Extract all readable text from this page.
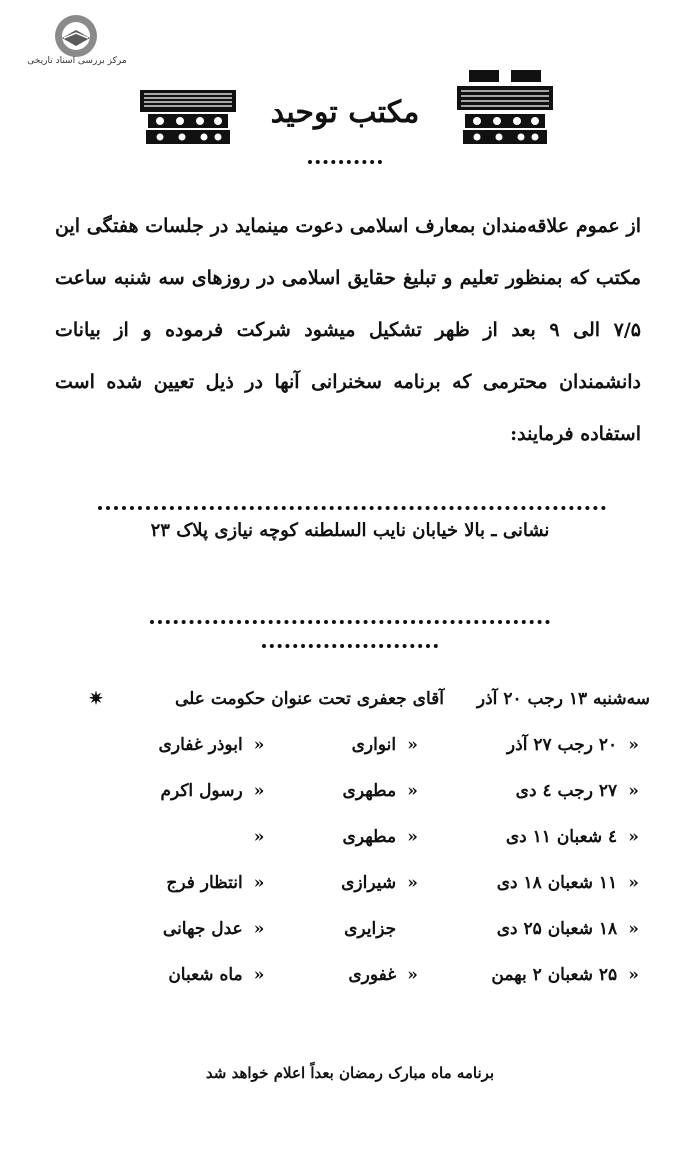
مرکز بررسی اسناد تاریخی
مکتب توحید
از عموم علاقه‌مندان بمعارف اسلامی دعوت مینماید در جلسات هفتگی این مکتب که بمنظور تعلیم و تبلیغ حقایق اسلامی در روزهای سه شنبه ساعت ۷/۵ الی ۹ بعد از ظهر تشکیل میشود شرکت فرموده و از بیانات دانشمندان محترمی که برنامه سخنرانی آنها در ذیل تعیین شده است استفاده فرمایند:
نشانی ـ بالا خیابان نایب السلطنه کوچه نیازی پلاک ۲۳
سه‌شنبه ۱۳ رجب ۲۰ آذر
آقای جعفری تحت عنوان حکومت علی
✷
«
۲۰ رجب ۲۷ آذر
«
انواری
«
ابوذر غفاری
«
۲۷ رجب ٤ دی
«
مطهری
«
رسول اکرم
«
٤ شعبان ۱۱ دی
«
مطهری
«
«
۱۱ شعبان ۱۸ دی
«
شیرازی
«
انتظار فرج
«
۱۸ شعبان ۲۵ دی
جزایری
«
عدل جهانی
«
۲۵ شعبان ۲ بهمن
«
غفوری
«
ماه شعبان
برنامه ماه مبارک رمضان بعداً اعلام خواهد شد
